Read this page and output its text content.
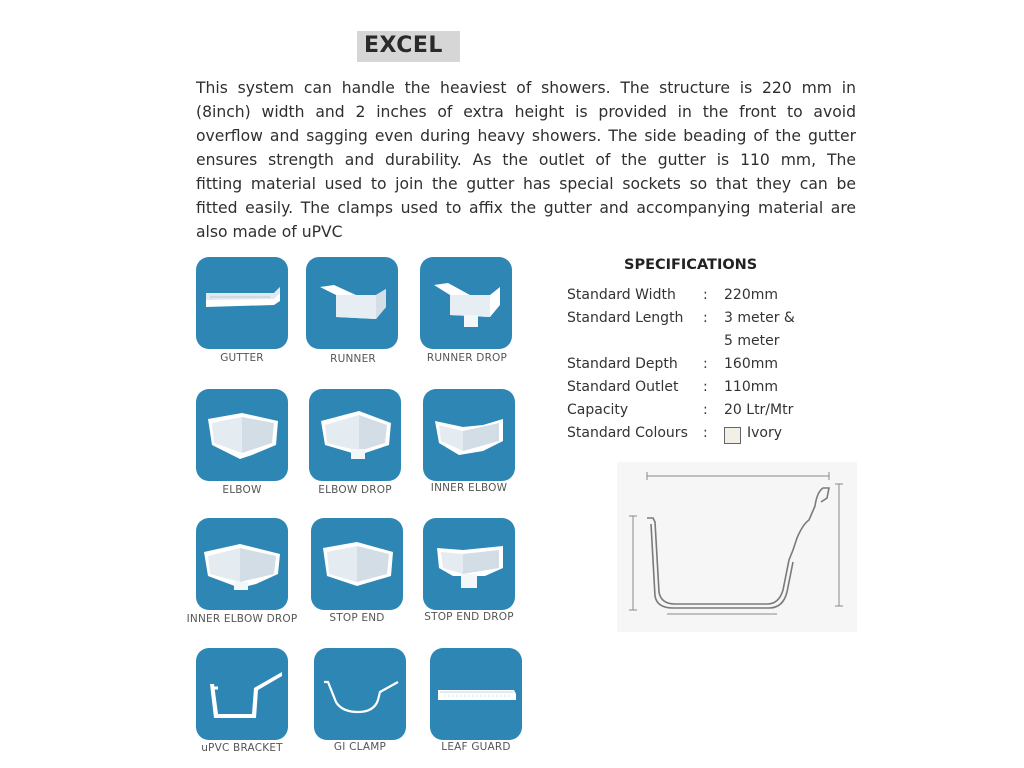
EXCEL
This system can handle the heaviest of showers. The structure is 220 mm in
(8inch) width and 2 inches of extra height is provided in the front to avoid
overflow and sagging even during heavy showers. The side beading of the gutter
ensures strength and durability. As the outlet of the gutter is 110 mm, The
fitting material used to join the gutter has special sockets so that they can be
fitted easily. The clamps used to affix the gutter and accompanying material are
also made of uPVC
GUTTER	RUNNER	RUNNER DROP
ELBOW	ELBOW DROP	INNER ELBOW
INNER ELBOW DROP	STOP END	STOP END DROP
uPVC BRACKET	GI CLAMP	LEAF GUARD
SPECIFICATIONS
Standard Width : 220mm
Standard Length : 3 meter &
5 meter
Standard Depth : 160mm
Standard Outlet : 110mm
Capacity	: 20 Ltr/Mtr
Standard Colours :	Ivory
